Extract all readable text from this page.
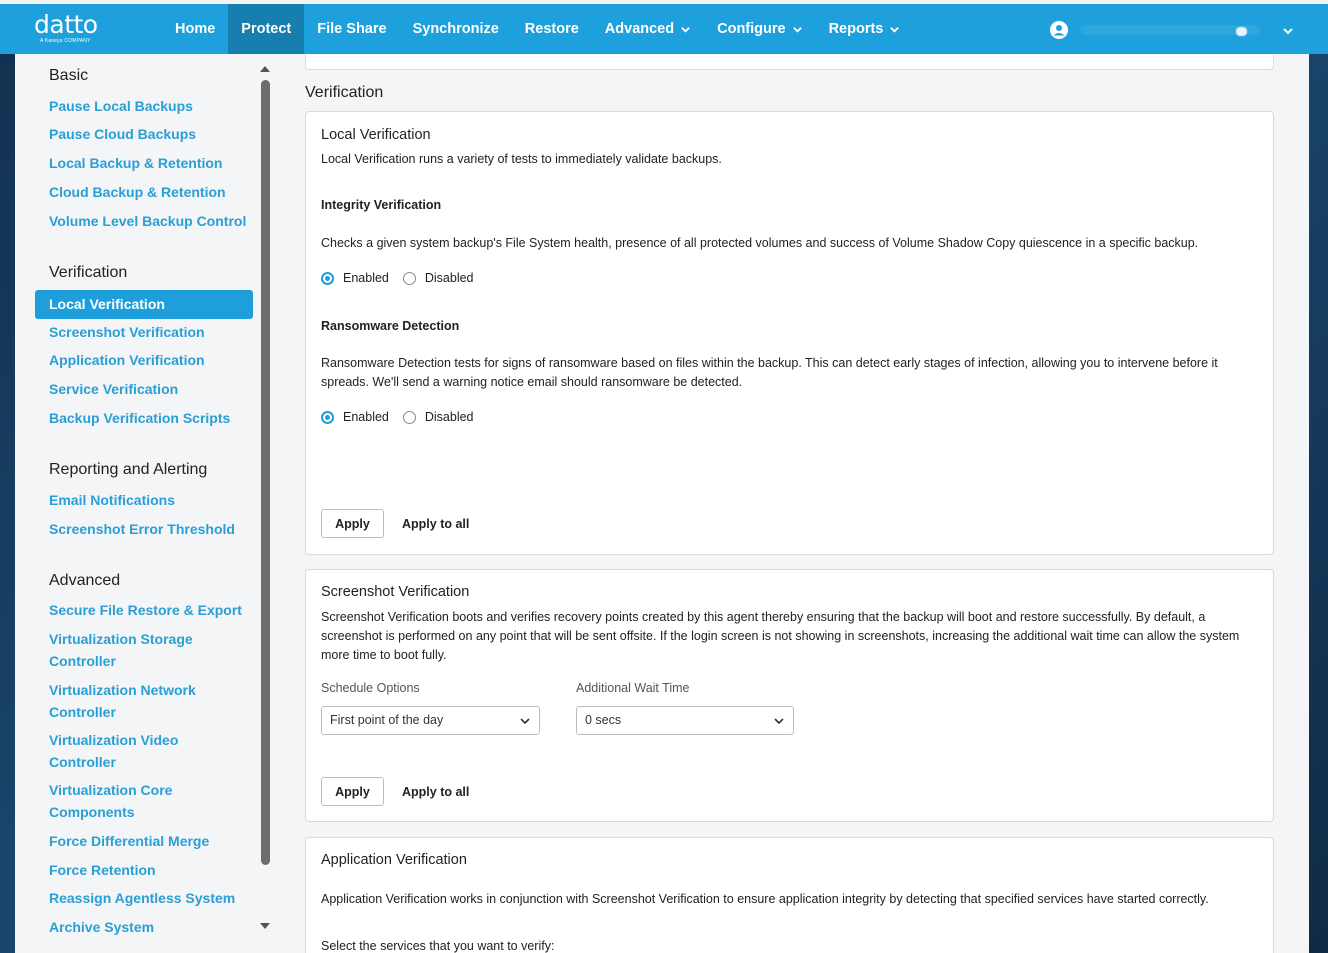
datto
A Kaseya COMPANY
Home Protect File Share Synchronize Restore Advanced	Configure	Reports
Basic
Pause Local Backups
Pause Cloud Backups
Local Backup & Retention
Cloud Backup & Retention
Volume Level Backup Control
Verification
Local Verification
Screenshot Verification
Application Verification
Service Verification
Backup Verification Scripts
Reporting and Alerting
Email Notifications
Screenshot Error Threshold
Advanced
Secure File Restore & Export
Virtualization Storage Controller
Virtualization Network Controller
Virtualization Video Controller
Virtualization Core Components
Force Differential Merge
Force Retention
Reassign Agentless System
Archive System
Verification
Local Verification
Local Verification runs a variety of tests to immediately validate backups.
Integrity Verification
Checks a given system backup's File System health, presence of all protected volumes and success of Volume Shadow Copy quiescence in a specific backup.
Enabled	Disabled
Ransomware Detection
Ransomware Detection tests for signs of ransomware based on files within the backup. This can detect early stages of infection, allowing you to intervene before it spreads. We'll send a warning notice email should ransomware be detected.
Enabled	Disabled
Apply	Apply to all
Screenshot Verification
Screenshot Verification boots and verifies recovery points created by this agent thereby ensuring that the backup will boot and restore successfully. By default, a screenshot is performed on any point that will be sent offsite. If the login screen is not showing in screenshots, increasing the additional wait time can allow the system more time to boot fully.
Schedule Options
First point of the day
Additional Wait Time
0 secs
Apply	Apply to all
Application Verification
Application Verification works in conjunction with Screenshot Verification to ensure application integrity by detecting that specified services have started correctly.
Select the services that you want to verify:
